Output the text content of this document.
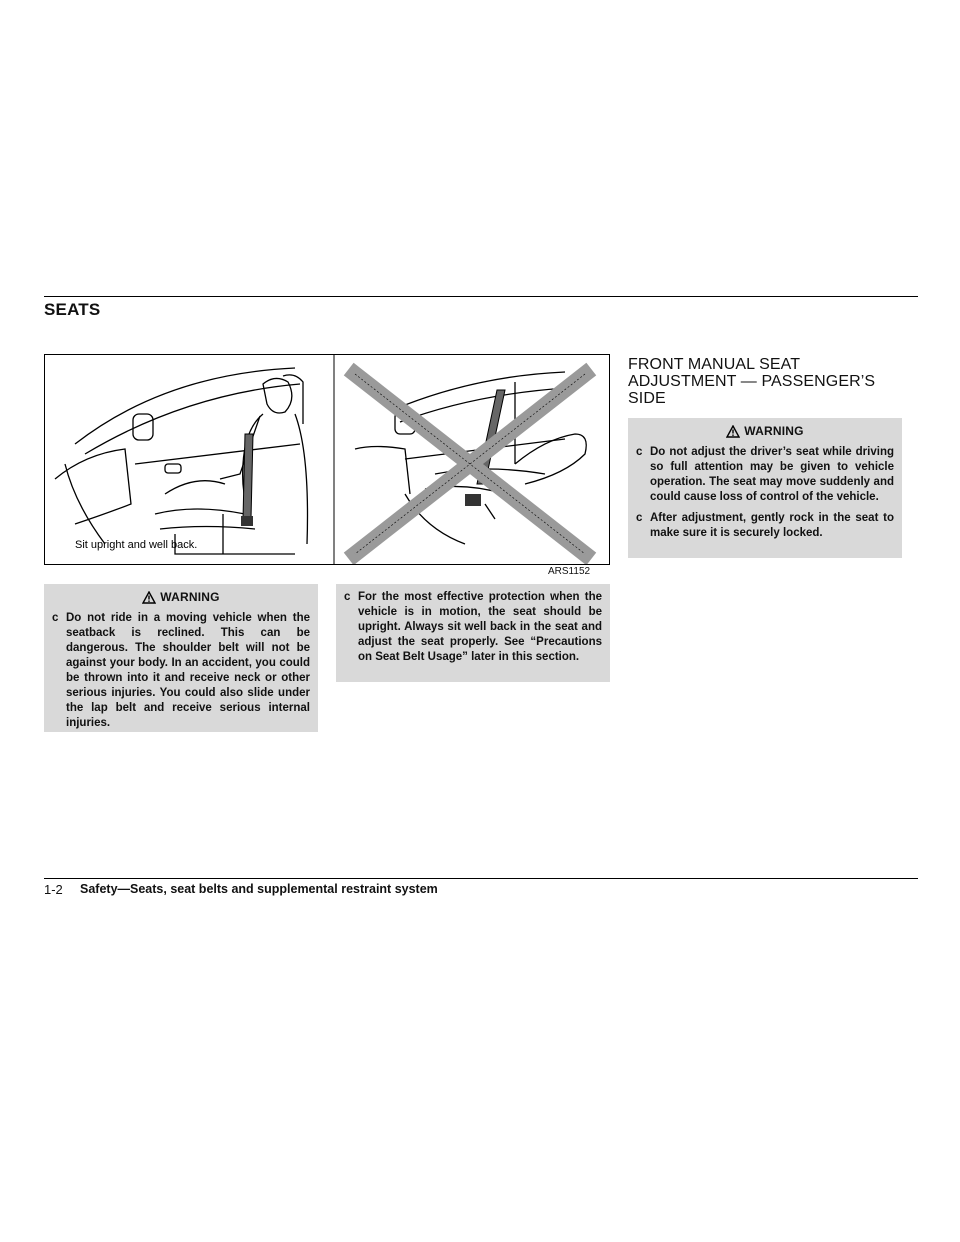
SEATS
Sit upright and well back.
ARS1152
WARNING
c Do not ride in a moving vehicle when the seatback is reclined. This can be dangerous. The shoulder belt will not be against your body. In an accident, you could be thrown into it and receive neck or other serious injuries. You could also slide under the lap belt and receive serious internal injuries.
c For the most effective protection when the vehicle is in motion, the seat should be upright. Always sit well back in the seat and adjust the seat properly. See “Precautions on Seat Belt Usage” later in this section.
FRONT MANUAL SEAT
ADJUSTMENT — PASSENGER’S
SIDE
WARNING
c Do not adjust the driver’s seat while driving so full attention may be given to vehicle operation. The seat may move suddenly and could cause loss of control of the vehicle.
c After adjustment, gently rock in the seat to make sure it is securely locked.
1-2 Safety—Seats, seat belts and supplemental restraint system
